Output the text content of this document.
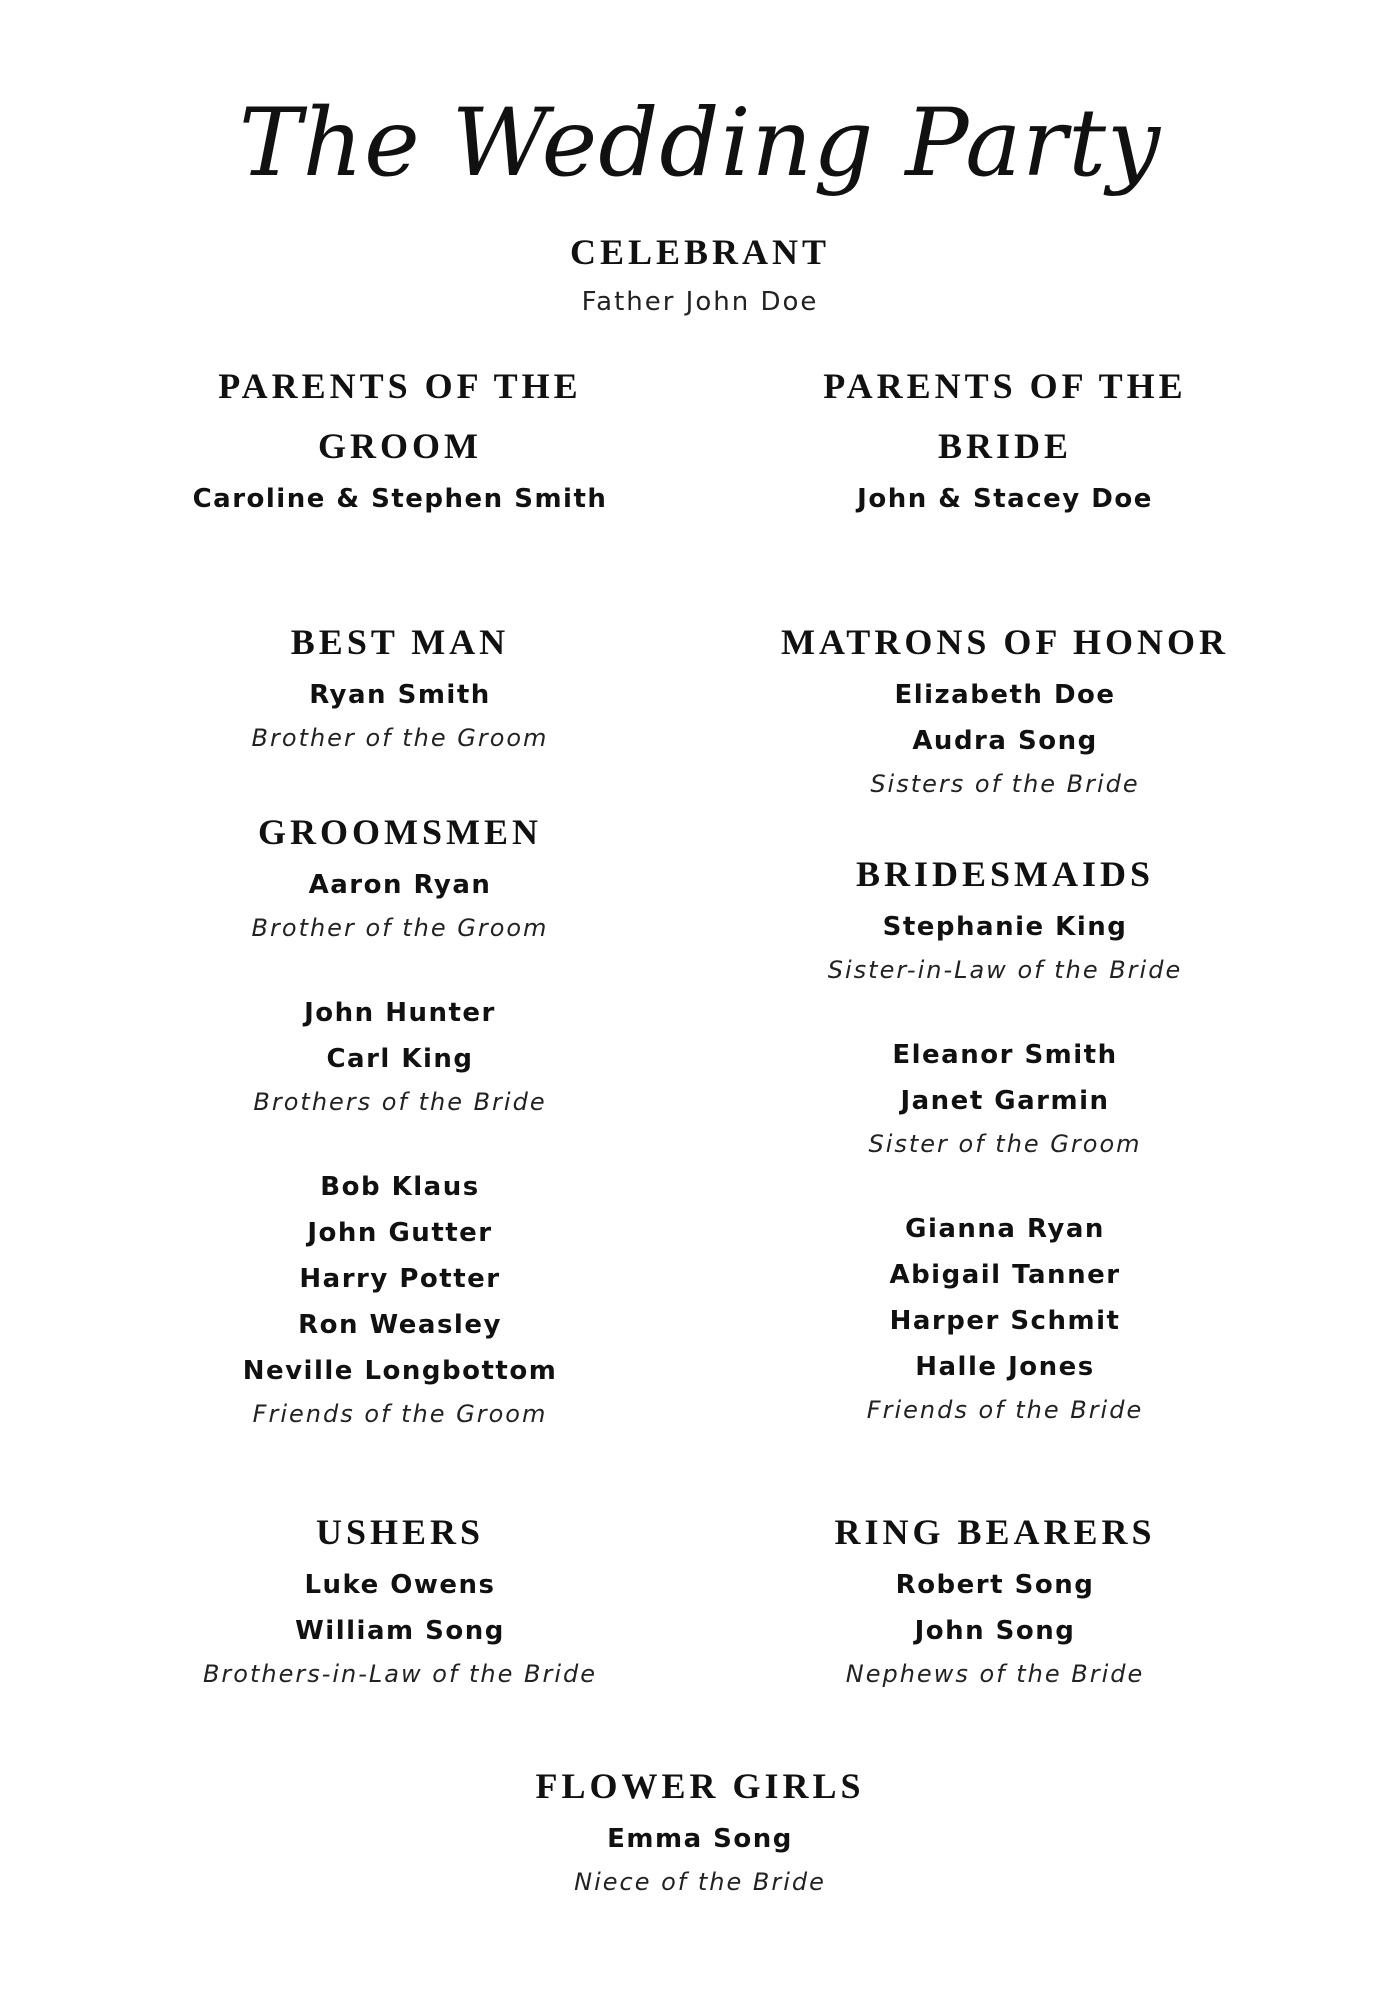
The Wedding Party
CELEBRANT
Father John Doe
PARENTS OF THE
GROOM
Caroline & Stephen Smith
PARENTS OF THE
BRIDE
John & Stacey Doe
BEST MAN
Ryan Smith
Brother of the Groom
GROOMSMEN
Aaron Ryan
Brother of the Groom
John Hunter
Carl King
Brothers of the Bride
Bob Klaus
John Gutter
Harry Potter
Ron Weasley
Neville Longbottom
Friends of the Groom
MATRONS OF HONOR
Elizabeth Doe
Audra Song
Sisters of the Bride
BRIDESMAIDS
Stephanie King
Sister-in-Law of the Bride
Eleanor Smith
Janet Garmin
Sister of the Groom
Gianna Ryan
Abigail Tanner
Harper Schmit
Halle Jones
Friends of the Bride
USHERS
Luke Owens
William Song
Brothers-in-Law of the Bride
RING BEARERS
Robert Song
John Song
Nephews of the Bride
FLOWER GIRLS
Emma Song
Niece of the Bride
